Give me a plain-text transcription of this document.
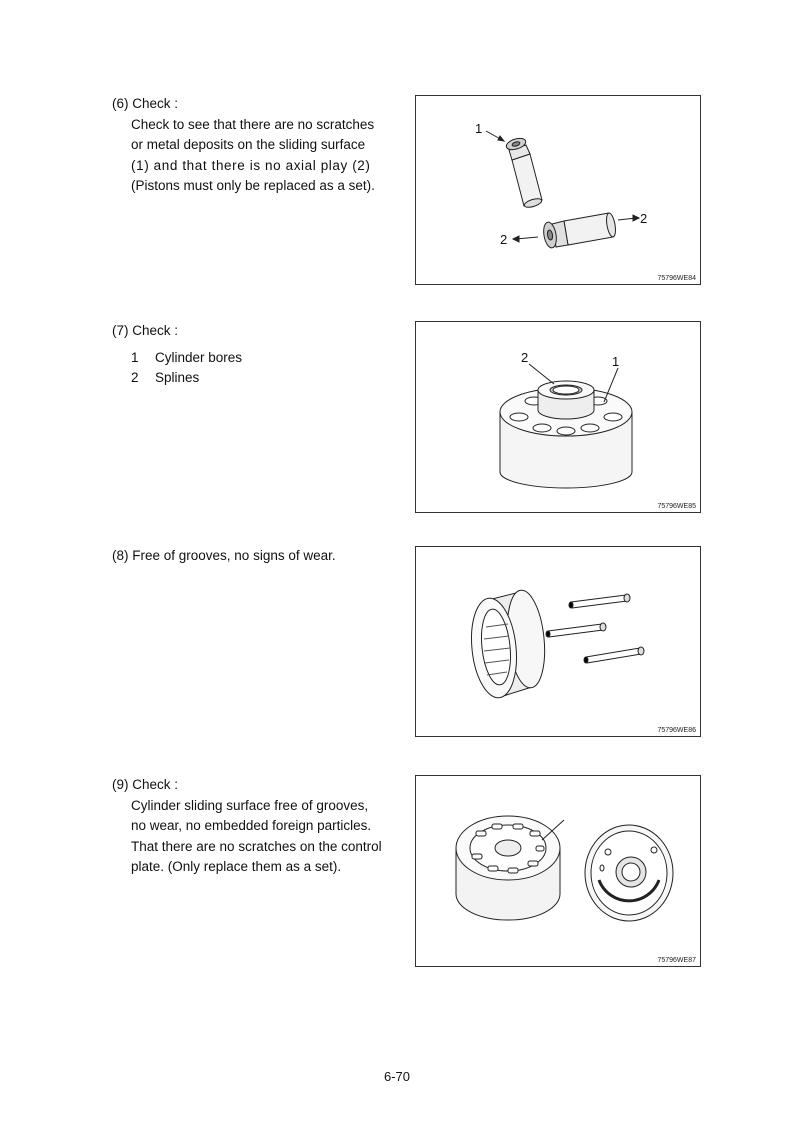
(6) Check :
Check to see that there are no scratches
or metal deposits on the sliding surface
(1) and that there is no axial play (2)
(Pistons must only be replaced as a set).
1
2
2
75796WE84
(7) Check :
1	Cylinder bores
2	Splines
2	1
75796WE85
(8) Free of grooves, no signs of wear.
75796WE86
(9) Check :
Cylinder sliding surface free of grooves,
no wear, no embedded foreign particles.
That there are no scratches on the control
plate. (Only replace them as a set).
75796WE87
6-70
